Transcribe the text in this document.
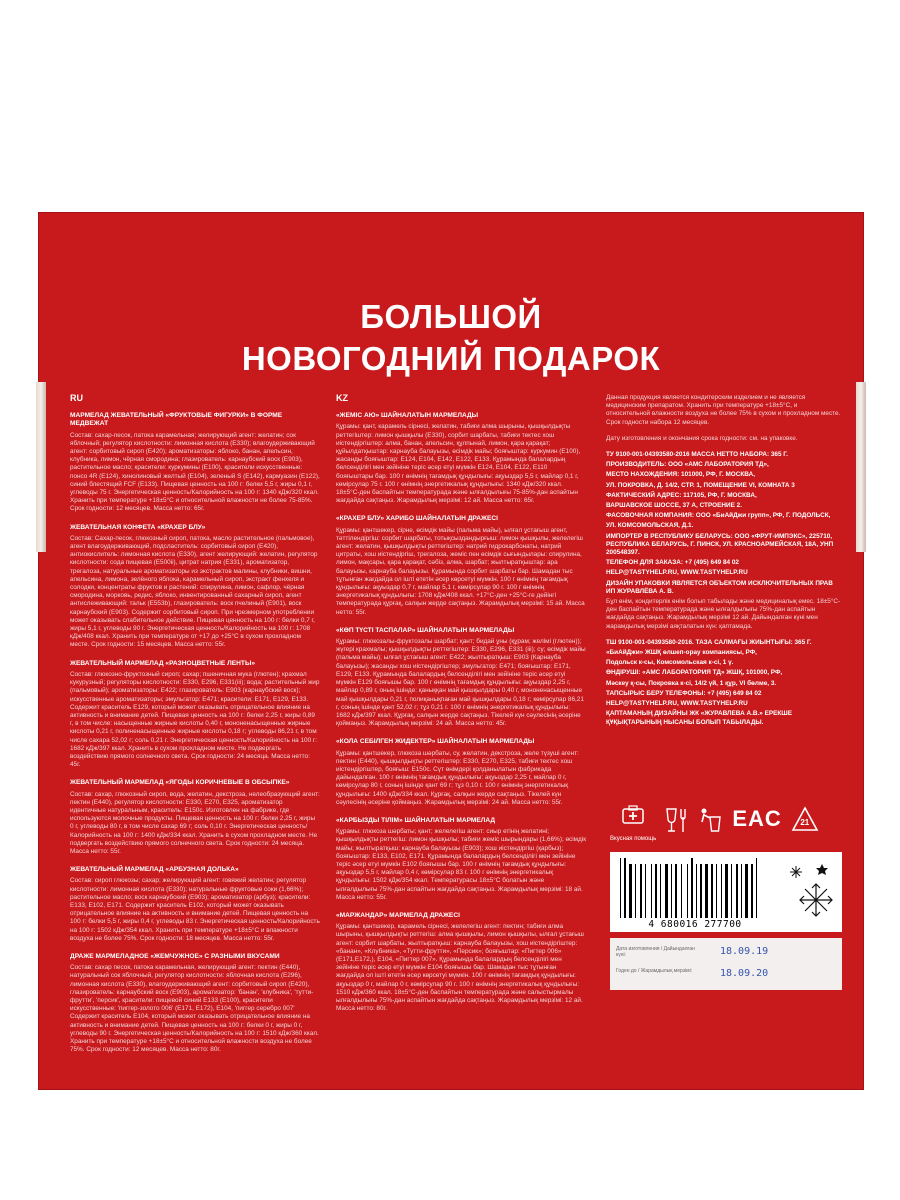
БОЛЬШОЙ
НОВОГОДНИЙ ПОДАРОК
RU
МАРМЕЛАД ЖЕВАТЕЛЬНЫЙ «ФРУКТОВЫЕ ФИГУРКИ» В ФОРМЕ МЕДВЕЖАТ

Состав: сахар-песок, патока карамельная; желирующий агент: желатин; сок яблочный; регулятор кислотности: лимонная кислота (Е330); влагоудерживающий агент: сорбитовый сироп (Е420); ароматизаторы: яблоко, банан, апельсин, клубника, лимон, чёрная смородина; глазирователь: карнаубский воск (Е903), растительное масло; красители: куркумины (Е100), красители искусственные: понсо 4R (Е124), хинолиновый желтый (Е104), зеленый S (Е142), кармуазин (Е122), синий блестящий FCF (Е133). Пищевая ценность на 100 г: белки 5,5 г, жиры 0,1 г, углеводы 75 г. Энергетическая ценность/Калорийность на 100 г: 1340 кДж/320 ккал. Хранить при температуре +18±5°C и относительной влажности не более 75-85%. Срок годности: 12 месяцев. Масса нетто: 65г.

ЖЕВАТЕЛЬНАЯ КОНФЕТА «КРАХЕР БЛУ»

Состав: Сахар-песок, глюкозный сироп, патока, масло растительное (пальмовое), агент влагоудерживающий, подсластитель: сорбитовый сироп (Е420), антиокислитель: лимонная кислота (Е330), агент желирующий: желатин, регулятор кислотности: сода пищевая (Е500ii), цитрат натрия (Е331), ароматизатор, трегалоза, натуральные ароматизаторы из экстрактов малины, клубники, вишни, апельсина, лимона, зелёного яблока, карамельный сироп, экстракт фенхеля и солодки, концентраты фруктов и растений: спирулина, лимон, сафлор, чёрная смородина, морковь, редис, яблоко, инвентированный сахарный сироп, агент антислеживающий: тальк (Е553b), глазирователь: воск пчелиный (Е901), воск карнаубский (Е903). Содержит сорбитовый сироп. При чрезмерном употреблении может оказывать слабительное действие. Пищевая ценность на 100 г: белки 0,7 г, жиры 5,1 г, углеводы 90 г. Энергетическая ценность/Калорийность на 100 г: 1708 кДж/408 ккал. Хранить при температуре от +17 до +25°C в сухом прохладном месте. Срок годности: 15 месяцев. Масса нетто: 55г.

ЖЕВАТЕЛЬНЫЙ МАРМЕЛАД «РАЗНОЦВЕТНЫЕ ЛЕНТЫ»

Состав: глюкозно-фруктозный сироп; сахар; пшеничная мука (глютен); крахмал кукурузный; регуляторы кислотности: Е330, Е296, Е331(iii); вода; растительный жир (пальмовый); ароматизаторы: Е422; глазирователь: Е903 (карнаубский воск); искусственные ароматизаторы; эмульгатор: Е471; красители: Е171, Е129, Е133. Содержит краситель Е129, который может оказывать отрицательное влияние на активность и внимание детей. Пищевая ценность на 100 г: белки 2,25 г, жиры 0,89 г, в том числе: насыщенные жирные кислоты 0,40 г, мононенасыщенные жирные кислоты 0,21 г, полиненасыщенные жирные кислоты 0,18 г; углеводы 86,21 г, в том числе сахара 52,02 г; соль 0,21 г. Энергетическая ценность/Калорийность на 100 г: 1682 кДж/397 ккал. Хранить в сухом прохладном месте. Не подвергать воздействию прямого солнечного света. Срок годности: 24 месяца. Масса нетто: 45г.

ЖЕВАТЕЛЬНЫЙ МАРМЕЛАД «ЯГОДЫ КОРИЧНЕВЫЕ В ОБСЫПКЕ»

Состав: сахар, глюкозный сироп, вода, желатин, декстроза, нелеобразующий агент: пектин (Е440), регулятор кислотности: Е330, Е270, Е325, ароматизатор идентичные натуральным, краситель: Е150с. Изготовлен на фабрике, где используются молочные продукты. Пищевая ценность на 100 г: белки 2,25 г, жиры 0 г, углеводы 80 г, в том числе сахар 69 г; соль 0,10 г. Энергетическая ценность/Калорийность на 100 г: 1400 кДж/334 ккал. Хранить в сухом прохладном месте. Не подвергать воздействию прямого солнечного света. Срок годности: 24 месяца. Масса нетто: 55г.

ЖЕВАТЕЛЬНЫЙ МАРМЕЛАД «АРБУЗНАЯ ДОЛЬКА»

Состав: сироп глюкозы; сахар; желирующий агент: говяжий желатин; регулятор кислотности: лимонная кислота (Е330); натуральные фруктовые соки (1,66%); растительное масло; воск карнаубский (Е903); ароматизатор (арбуз); красители: Е133, Е102, Е171. Содержит краситель Е102, который может оказывать отрицательное влияние на активность и внимание детей. Пищевая ценность на 100 г: белки 5,5 г, жиры 0,4 г, углеводы 83 г. Энергетическая ценность/Калорийность на 100 г: 1502 кДж/354 ккал. Хранить при температуре +18±5°C и влажности воздуха не более 75%. Срок годности: 18 месяцев. Масса нетто: 55г.

ДРАЖЕ МАРМЕЛАДНОЕ «ЖЕМЧУЖНОЕ» С РАЗНЫМИ ВКУСАМИ

Состав: сахар песок, патока карамельная, желирующий агент: пектин (Е440), натуральный сок яблочный, регулятор кислотности: яблочная кислота (Е296), лимонная кислота (Е330), влагоудерживающий агент: сорбитовый сироп (Е420), глазирователь: карнаубский воск (Е903), ароматизатор: 'банан', 'клубника', 'тутти-фрутти', 'персик', красители: пищевой синий Е133 (Е100), красители искусственные: 'пиггер-золото 006' (Е171, Е172), Е104, 'пиггер серебро 007' Содержит краситель Е104, который может оказывать отрицательное влияние на активность и внимание детей. Пищевая ценность на 100 г: белки 0 г, жиры 0 г, углеводы 90 г. Энергетическая ценность/Калорийность на 100 г: 1510 кДж/360 ккал. Хранить при температуре +18±5°C и относительной влажности воздуха не более 75%. Срок годности: 12 месяцев. Масса нетто: 80г.

KZ
«ЖЕМІС АЮ» ШАЙНАЛАТЫН МАРМЕЛАДЫ

Құрамы: қант, карамель сірнесі, желатин, табиғи алма шырыны, қышқылдықты реттегіштер: лимон қышқылы (Е330), сорбит шарбаты, табиғи тектес хош иістендіргіштер: алма, банан, апельсин, құлпынай, лимон, қара қарақат; құйылдатқыштар: карнауба балауызы, өсімдік майы; бояғыштар: куркумин (Е100), жасанды бояғыштар: Е124, Е104, Е142, Е122, Е133. Құрамында балалардың белсенділігі мен зейініне теріс әсер етуі мүмкін Е124, Е104, Е122, Е110 бояғыштары бар. 100 г өнімнің тағамдық құндылығы: ақуыздар 5,5 г, майлар 0,1 г, көмірсулар 75 г. 100 г өнімнің энергетикалық құндылығы: 1340 кДж/320 ккал. 18±5°С-ден баспайтын температурада және ылғалдылығы 75-85%-дан аспайтын жағдайда сақтаңыз. Жарамдылық мерзімі: 12 ай. Масса нетто: 65г.

«КРАХЕР БЛУ» ХАРИБО ШАЙНАЛАТЫН ДРАЖЕСІ

Құрамы: қантшекер, сірне, өсімдік майы (пальма майы), ылғал ұстағыш агент, тәттілендіргіш: сорбит шарбаты, тотықсыздандырғыш: лимон қышқылы, желелегіш агент: желатин, қышқылдықты реттегіштер: натрий гидрокарбонаты, натрий цитраты, хош иістендіргіш, трегалоза, жеміс пен өсімдік сығындылары: спирулина, лимон, мақсары, қара қарақат, сәбіз, алма, шарбат; жылтыратқыштар: ара балауызы, карнауба балауызы. Құрамында сорбит шарбаты бар. Шамадан тыс тұтынған жағдайда ол ішті өтетін әсер көрсетуі мүмкін. 100 г өнімнің тағамдық құндылығы: ақуыздар 0,7 г, майлар 5,1 г, көмірсулар 90 г. 100 г өнімнің энергетикалық құндылығы: 1708 кДж/408 ккал. +17°С-ден +25°С-ге дейінгі температурада құрғақ, салқын жерде сақтаңыз. Жарамдылық мерзімі: 15 ай. Масса нетто: 55г.

«КӨП ТҮСТІ ТАСПАЛАР» ШАЙНАЛАТЫН МАРМЕЛАДЫ

Құрамы: глюкозалы-фруктозалы шарбат; қант; бидай ұны (құрам; желімі (глютен)); жүгері крахмалы; қышқылдықты реттегіштер: Е330, Е296, Е331 (iii); су; өсімдік майы (пальма майы); ылғал ұстағыш агент: Е422; жылтыратқыш: Е903 (Карнауба балауызы); жасанды хош иістендіргіштер; эмульгатор: Е471; бояғыштар: Е171, Е129, Е133. Құрамында балалардың белсенділігі мен зейініне теріс әсер етуі мүмкін Е129 бояғышы бар. 100 г өнімнің тағамдық құндылығы: ақуыздар 2,25 г, майлар 0,89 г, оның ішінде: қаныққан май қышқылдары 0,40 г, мононенасыщенные май қышқылдары 0,21 г, полиқанықпаған май қышқылдары 0,18 г; көмірсулар 86,21 г, соның ішінде қант 52,02 г; тұз 0,21 г. 100 г өнімнің энергетикалық құндылығы: 1682 кДж/397 ккал. Құрғақ, салқын жерде сақтаңыз. Тікелей күн сәулесінің әсеріне қоймаңыз. Жарамдылық мерзімі: 24 ай. Масса нетто: 45г.

«КОЛА СЕБІЛГЕН ЖИДЕКТЕР» ШАЙНАЛАТЫН МАРМЕЛАДЫ

Құрамы: қантшекер, глюкоза шәрбаты, су, желатин, декстроза, желе түзуші агент: пектин (Е440), қышқылдықты реттегіштер: Е330, Е270, Е325, табиғи тектес хош иістендіргіштер, бояғыш: Е150с. Сүт өнімдері қолданылатын фабрикада дайындалған. 100 г өнімнің тағамдық құндылығы: ақуыздар 2,25 г, майлар 0 г, көмірсулар 80 г, соның ішінде қант 69 г; тұз 0,10 г. 100 г өнімнің энергетикалық құндылығы: 1400 кДж/334 ккал. Құрғақ, салқын жерде сақтаңыз. Тікелей күн сәулесінің әсеріне қоймаңыз. Жарамдылық мерзімі: 24 ай. Масса нетто: 55г.

«КАРБЫЗДЫ ТІЛІМ» ШАЙНАЛАТЫН МАРМЕЛАД

Құрамы: глюкоза шәрбаты; қант; желелегіш агент: сиыр етінің желатині; қышқылдықты реттегіш: лимон қышқылы; табиғи жеміс шырындары (1,66%); өсімдік майы; жылтыратқыш: карнауба балауызы (Е903); хош иістендіргіш (қарбыз); бояғыштар: Е133, Е102, Е171. Құрамында балалардың белсенділігі мен зейініне теріс әсер етуі мүмкін Е102 бояғышы бар. 100 г өнімнің тағамдық құндылығы: ақуыздар 5,5 г, майлар 0,4 г, көмірсулар 83 г. 100 г өнімнің энергетикалық құндылығы: 1502 кДж/354 ккал. Температурасы 18±5°С болатын және ылғалдылығы 75%-дан аспайтын жағдайда сақтаңыз. Жарамдылық мерзімі: 18 ай. Масса нетто: 55г.

«МАРЖАНДАР» МАРМЕЛАД ДРАЖЕСІ

Құрамы: қантшекер, карамель сірнесі, желелегіш агент: пектин; табиғи алма шырыны, қышқылдықты реттегіш: алма қышқылы, лимон қышқылы, ылғал ұстағыш агент: сорбит шарбаты, жылтыратқыш: карнауба балауызы, хош иістендіргіштер: «банан», «Клубника», «Тутти-фрутти», «Персик»; бояғыштар: «Пигтер 006» (Е171,Е172,), Е104, «Пигтер 007». Құрамында балалардың белсенділігі мен зейініне теріс әсер етуі мүмкін Е104 бояғышы бар. Шамадан тыс тұтынған жағдайда ол ішті өтетін әсер көрсетуі мүмкін. 100 г өнімнің тағамдық құндылығы: ақуыздар 0 г, майлар 0 г, көмірсулар 90 г. 100 г өнімнің энергетикалық құндылығы: 1510 кДж/360 ккал. 18±5°С-ден баспайтын температурада және салыстырмалы ылғалдылығы 75%-дан аспайтын жағдайда сақтаңыз. Жарамдылық мерзімі: 12 ай. Масса нетто: 80г.

Данная продукция является кондитерским изделием и не является медицинским препаратом. Хранить при температуре +18±5°C, и относительной влажности воздуха не более 75% в сухом и прохладном месте. Срок годности набора 12 месяцев.

Дату изготовления и окончания срока годности: см. на упаковке.

ТУ 9100-001-04393580-2016 МАССА НЕТТО НАБОРА: 365 Г.

ПРОИЗВОДИТЕЛЬ: ООО «АМС ЛАБОРАТОРИЯ ТД»,

МЕСТО НАХОЖДЕНИЯ: 101000, РФ, Г. МОСКВА,

УЛ. ПОКРОВКА, Д. 14/2, СТР. 1, ПОМЕЩЕНИЕ VI, КОМНАТА 3

ФАКТИЧЕСКИЙ АДРЕС: 117105, РФ, Г. МОСКВА,

ВАРШАВСКОЕ ШОССЕ, 37 А, СТРОЕНИЕ 2.

ФАСОВОЧНАЯ КОМПАНИЯ: ООО «БиАйДжи групп», РФ, Г. ПОДОЛЬСК,

УЛ. КОМСОМОЛЬСКАЯ, Д.1.

ИМПОРТЕР В РЕСПУБЛИКУ БЕЛАРУСЬ: ООО «ФРУТ-ИМПЭКС», 225710, РЕСПУБЛИКА БЕЛАРУСЬ, Г. ПИНСК, УЛ. КРАСНОАРМЕЙСКАЯ, 18А, УНП 200548397.

ТЕЛЕФОН ДЛЯ ЗАКАЗА: +7 (495) 649 84 02

HELP@TASTYHELP.RU, WWW.TASTYHELP.RU

ДИЗАЙН УПАКОВКИ ЯВЛЯЕТСЯ ОБЪЕКТОМ ИСКЛЮЧИТЕЛЬНЫХ ПРАВ ИП ЖУРАВЛЁВА А. В.

Бұл өнім, кондитерлік өнім болып табылады және медициналық емес. 18±5°С-ден баспайтын температурада және ылғалдылығы 75%-дан аспайтын жағдайда сақтаңыз. Жарамдылық мерзімі 12 ай. Дайындалған күні мен жарамдылық мерзімі аяқталатын күн: қаптамада.

ТШ 9100-001-04393580-2016. ТАЗА САЛМАҒЫ ЖИЫНТЫҒЫ: 365 Г.

«БиАйДжи» ЖШҚ өлшеп-орау компаниясы, РФ,

Подольск к-сы, Комсомольская к-сі, 1 ү.

ӨНДІРУШІ: «АМС ЛАБОРАТОРИЯ ТД» ЖШҚ, 101000, РФ,

Мәскеу қ-сы, Покровка к-сі, 14/2 үй, 1 құр, VI бөлме, 3.

ТАПСЫРЫС БЕРУ ТЕЛЕФОНЫ: +7 (495) 649 84 02

HELP@TASTYHELP.RU, WWW.TASTYHELP.RU

ҚАПТАМАНЫҢ ДИЗАЙНЫ ЖК «ЖУРАВЛЕВА А.В.» ЕРЕКШЕ ҚҰҚЫҚТАРЫНЫҢ НЫСАНЫ БОЛЫП ТАБЫЛАДЫ.

Вкусная помощь
EAC	21
4 680016 277700
Дата изготовления / Дайындалған күні:	18.09.19
Годен до / Жарамдылық мерзімі:	18.09.20
